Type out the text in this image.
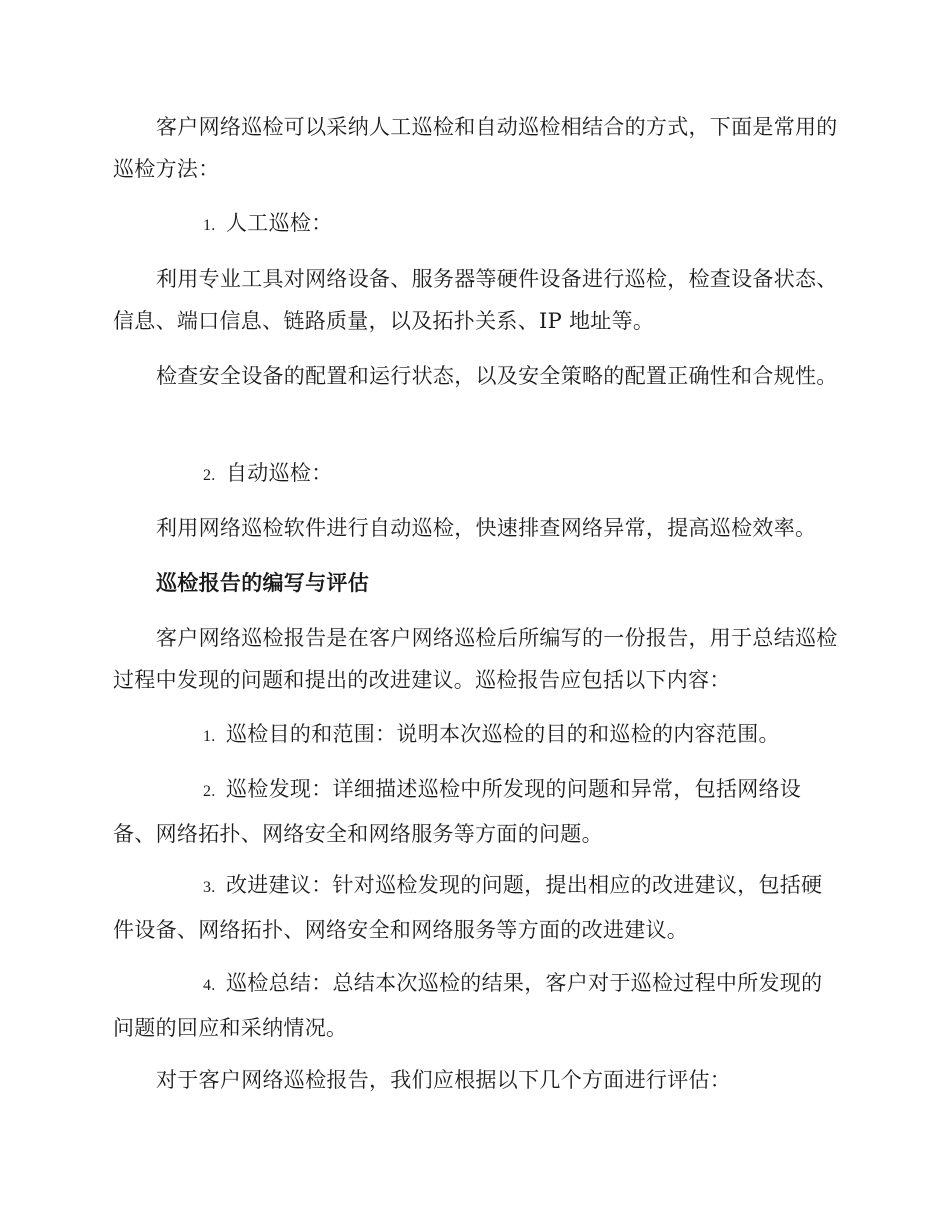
客户网络巡检可以采纳人工巡检和自动巡检相结合的方式，下面是常用的巡检方法：

1. 人工巡检：

利用专业工具对网络设备、服务器等硬件设备进行巡检，检查设备状态、信息、端口信息、链路质量，以及拓扑关系、IP 地址等。

检查安全设备的配置和运行状态，以及安全策略的配置正确性和合规性。

2. 自动巡检：

利用网络巡检软件进行自动巡检，快速排查网络异常，提高巡检效率。

巡检报告的编写与评估

客户网络巡检报告是在客户网络巡检后所编写的一份报告，用于总结巡检过程中发现的问题和提出的改进建议。巡检报告应包括以下内容：

1. 巡检目的和范围：说明本次巡检的目的和巡检的内容范围。

2. 巡检发现：详细描述巡检中所发现的问题和异常，包括网络设备、网络拓扑、网络安全和网络服务等方面的问题。

3. 改进建议：针对巡检发现的问题，提出相应的改进建议，包括硬件设备、网络拓扑、网络安全和网络服务等方面的改进建议。

4. 巡检总结：总结本次巡检的结果，客户对于巡检过程中所发现的问题的回应和采纳情况。

对于客户网络巡检报告，我们应根据以下几个方面进行评估：
